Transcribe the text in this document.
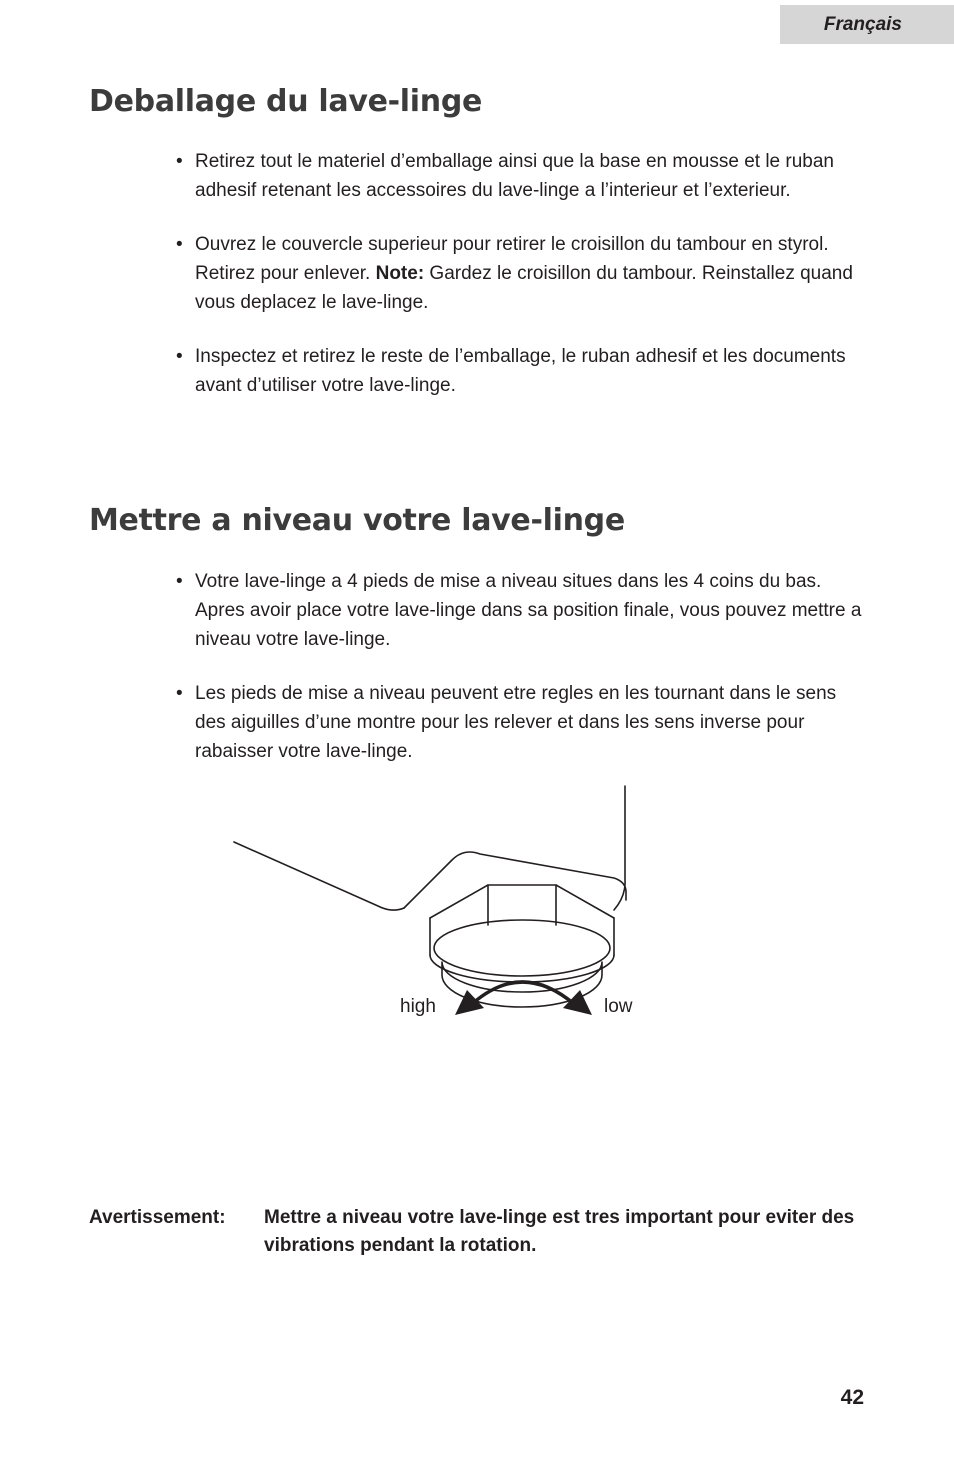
Français
Deballage du lave-linge
• Retirez tout le materiel d’emballage ainsi que la base en mousse et le ruban adhesif retenant les accessoires du lave-linge a l’interieur et l’exterieur.
• Ouvrez le couvercle superieur pour retirer le croisillon du tambour en styrol. Retirez pour enlever. Note: Gardez le croisillon du tambour. Reinstallez quand vous deplacez le lave-linge.
• Inspectez et retirez le reste de l’emballage, le ruban adhesif et les documents avant d’utiliser votre lave-linge.
Mettre a niveau votre lave-linge
• Votre lave-linge a 4 pieds de mise a niveau situes dans les 4 coins du bas. Apres avoir place votre lave-linge dans sa position finale, vous pouvez mettre a niveau votre lave-linge.
• Les pieds de mise a niveau peuvent etre regles en les tournant dans le sens des aiguilles d’une montre pour les relever et dans les sens inverse pour rabaisser votre lave-linge.
high	low
Avertissement: Mettre a niveau votre lave-linge est tres important pour eviter des vibrations pendant la rotation.
42
